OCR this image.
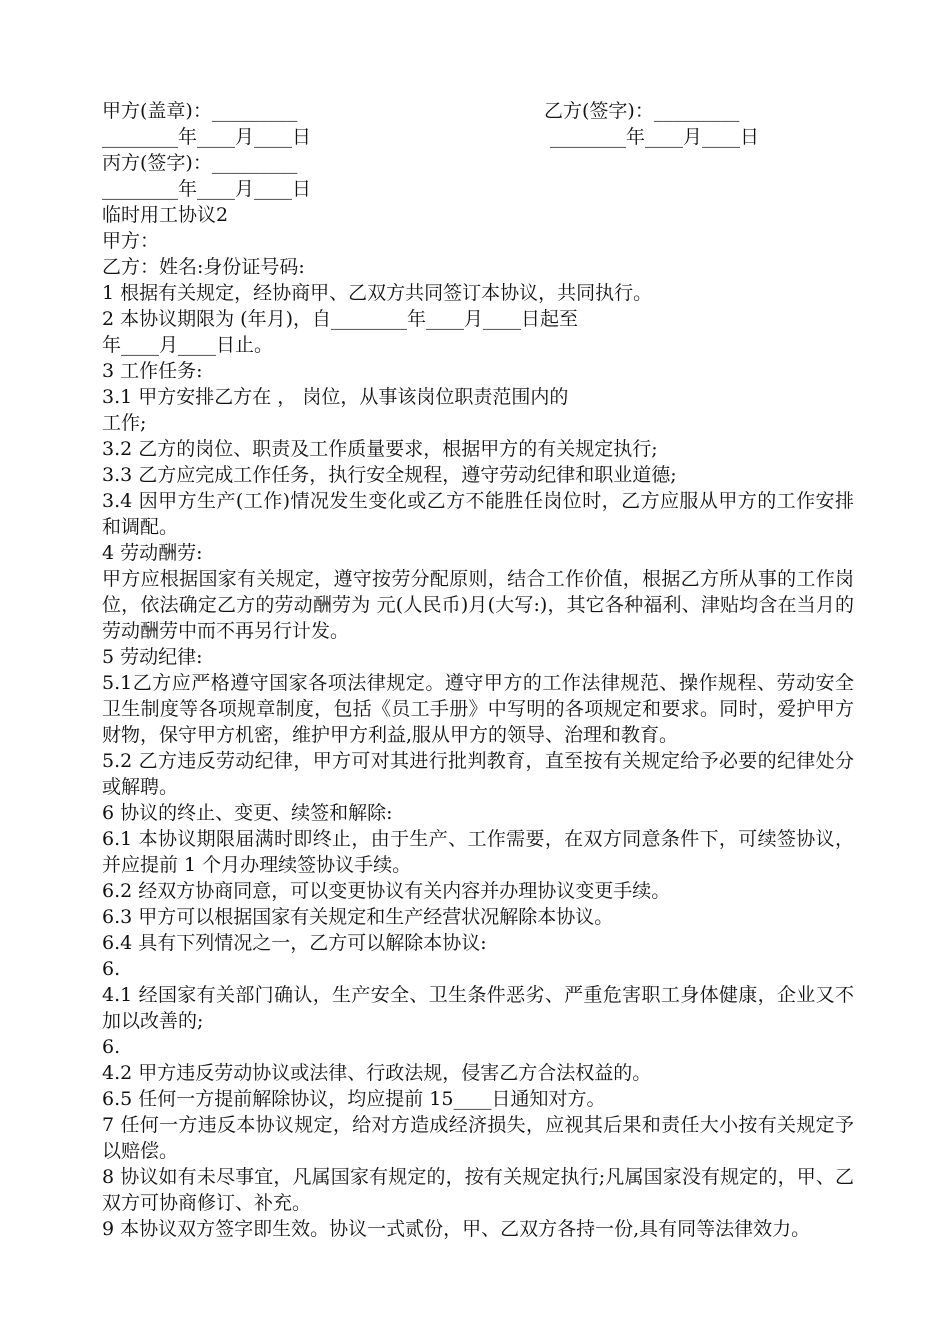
甲方(盖章)：_________

	乙方(签字)：_________

________年____月____日

	________年____月____日

丙方(签字)：_________

________年____月____日

临时用工协议2
甲方：
乙方：姓名:身份证号码:
1 根据有关规定，经协商甲、乙双方共同签订本协议，共同执行。
2 本协议期限为 (年月)，自________年____月____日起至
年____月____日止。
3 工作任务:
3.1 甲方安排乙方在 ， 岗位，从事该岗位职责范围内的
工作;
3.2 乙方的岗位、职责及工作质量要求，根据甲方的有关规定执行;
3.3 乙方应完成工作任务，执行安全规程，遵守劳动纪律和职业道德;
3.4 因甲方生产(工作)情况发生变化或乙方不能胜任岗位时，乙方应服从甲方的工作安排和调配。
4 劳动酬劳:
甲方应根据国家有关规定，遵守按劳分配原则，结合工作价值，根据乙方所从事的工作岗位，依法确定乙方的劳动酬劳为 元(人民币)月(大写:)，其它各种福利、津贴均含在当月的劳动酬劳中而不再另行计发。
5 劳动纪律:
5.1乙方应严格遵守国家各项法律规定。遵守甲方的工作法律规范、操作规程、劳动安全卫生制度等各项规章制度，包括《员工手册》中写明的各项规定和要求。同时，爱护甲方财物，保守甲方机密，维护甲方利益,服从甲方的领导、治理和教育。
5.2 乙方违反劳动纪律，甲方可对其进行批判教育，直至按有关规定给予必要的纪律处分或解聘。
6 协议的终止、变更、续签和解除:
6.1 本协议期限届满时即终止，由于生产、工作需要，在双方同意条件下，可续签协议，并应提前 1 个月办理续签协议手续。
6.2 经双方协商同意，可以变更协议有关内容并办理协议变更手续。
6.3 甲方可以根据国家有关规定和生产经营状况解除本协议。
6.4 具有下列情况之一，乙方可以解除本协议:
6.
4.1 经国家有关部门确认，生产安全、卫生条件恶劣、严重危害职工身体健康，企业又不加以改善的;
6.
4.2 甲方违反劳动协议或法律、行政法规，侵害乙方合法权益的。
6.5 任何一方提前解除协议，均应提前 15____日通知对方。
7 任何一方违反本协议规定，给对方造成经济损失，应视其后果和责任大小按有关规定予以赔偿。
8 协议如有未尽事宜，凡属国家有规定的，按有关规定执行;凡属国家没有规定的，甲、乙双方可协商修订、补充。
9 本协议双方签字即生效。协议一式贰份，甲、乙双方各持一份,具有同等法律效力。
